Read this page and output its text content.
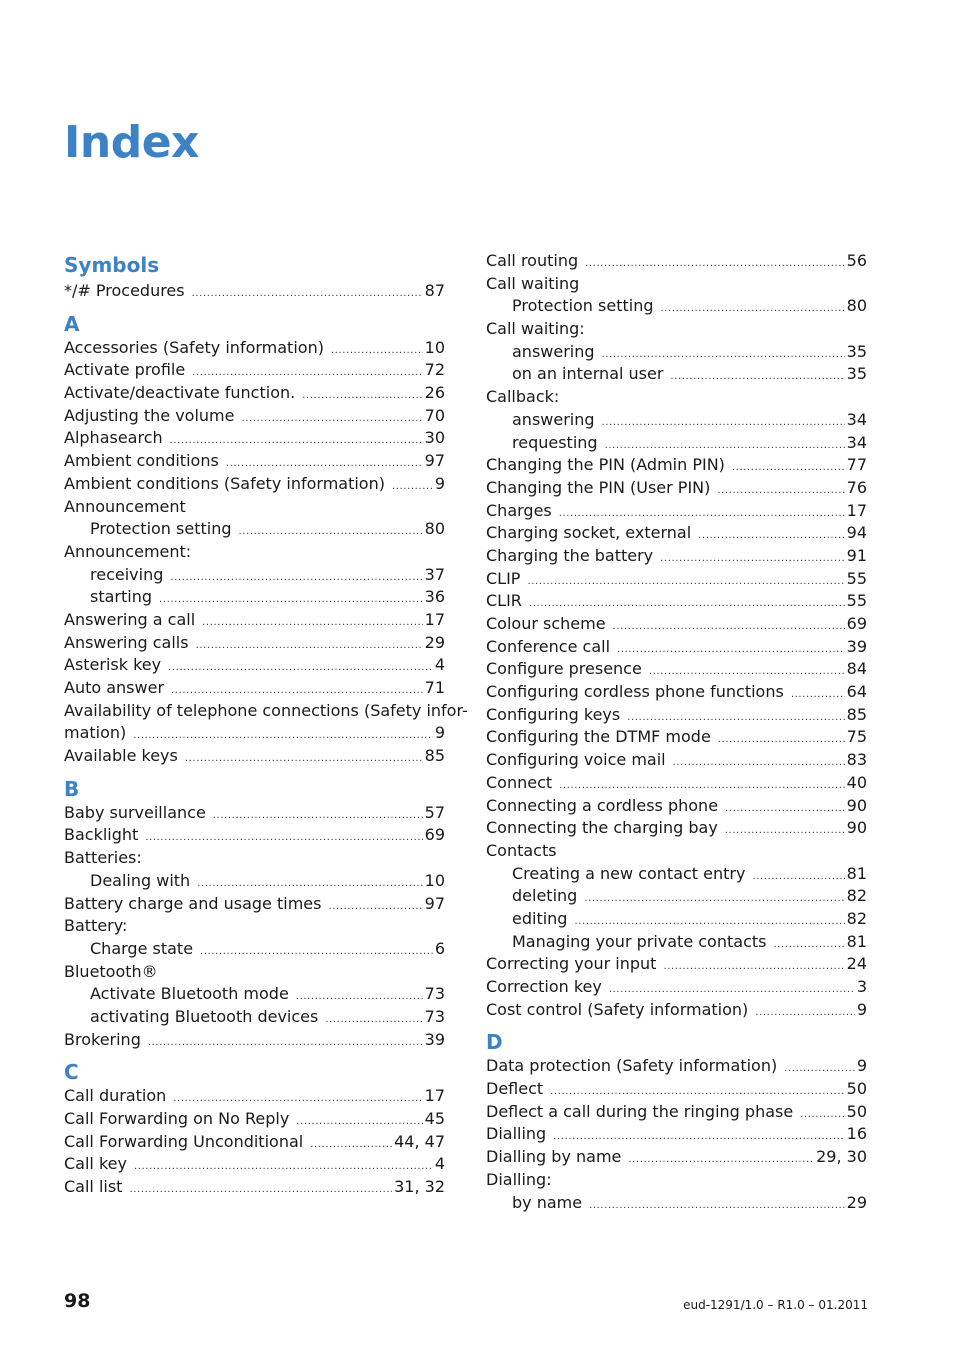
Index
Symbols
*/# Procedures .....	87
A
Accessories (Safety information) .....	10
Activate profile .....	72
Activate/deactivate function. .....	26
Adjusting the volume .....	70
Alphasearch .....	30
Ambient conditions .....	97
Ambient conditions (Safety information) .....	9
Announcement
Protection setting .....	80
Announcement:
receiving .....	37
starting .....	36
Answering a call .....	17
Answering calls .....	29
Asterisk key .....	4
Auto answer .....	71
Availability of telephone connections (Safety infor-
mation) .....	9
Available keys .....	85
B
Baby surveillance .....	57
Backlight .....	69
Batteries:
Dealing with .....	10
Battery charge and usage times .....	97
Battery:
Charge state .....	6
Bluetooth®
Activate Bluetooth mode .....	73
activating Bluetooth devices .....	73
Brokering .....	39
C
Call duration .....	17
Call Forwarding on No Reply .....	45
Call Forwarding Unconditional .....	44, 47
Call key .....	4
Call list .....	31, 32
Call routing .....	56
Call waiting
Protection setting .....	80
Call waiting:
answering .....	35
on an internal user .....	35
Callback:
answering .....	34
requesting .....	34
Changing the PIN (Admin PIN) .....	77
Changing the PIN (User PIN) .....	76
Charges .....	17
Charging socket, external .....	94
Charging the battery .....	91
CLIP .....	55
CLIR .....	55
Colour scheme .....	69
Conference call .....	39
Configure presence .....	84
Configuring cordless phone functions .....	64
Configuring keys .....	85
Configuring the DTMF mode .....	75
Configuring voice mail .....	83
Connect .....	40
Connecting a cordless phone .....	90
Connecting the charging bay .....	90
Contacts
Creating a new contact entry .....	81
deleting .....	82
editing .....	82
Managing your private contacts .....	81
Correcting your input .....	24
Correction key .....	3
Cost control (Safety information) .....	9
D
Data protection (Safety information) .....	9
Deflect .....	50
Deflect a call during the ringing phase .....	50
Dialling .....	16
Dialling by name .....	29, 30
Dialling:
by name .....	29
98	eud-1291/1.0 – R1.0 – 01.2011
